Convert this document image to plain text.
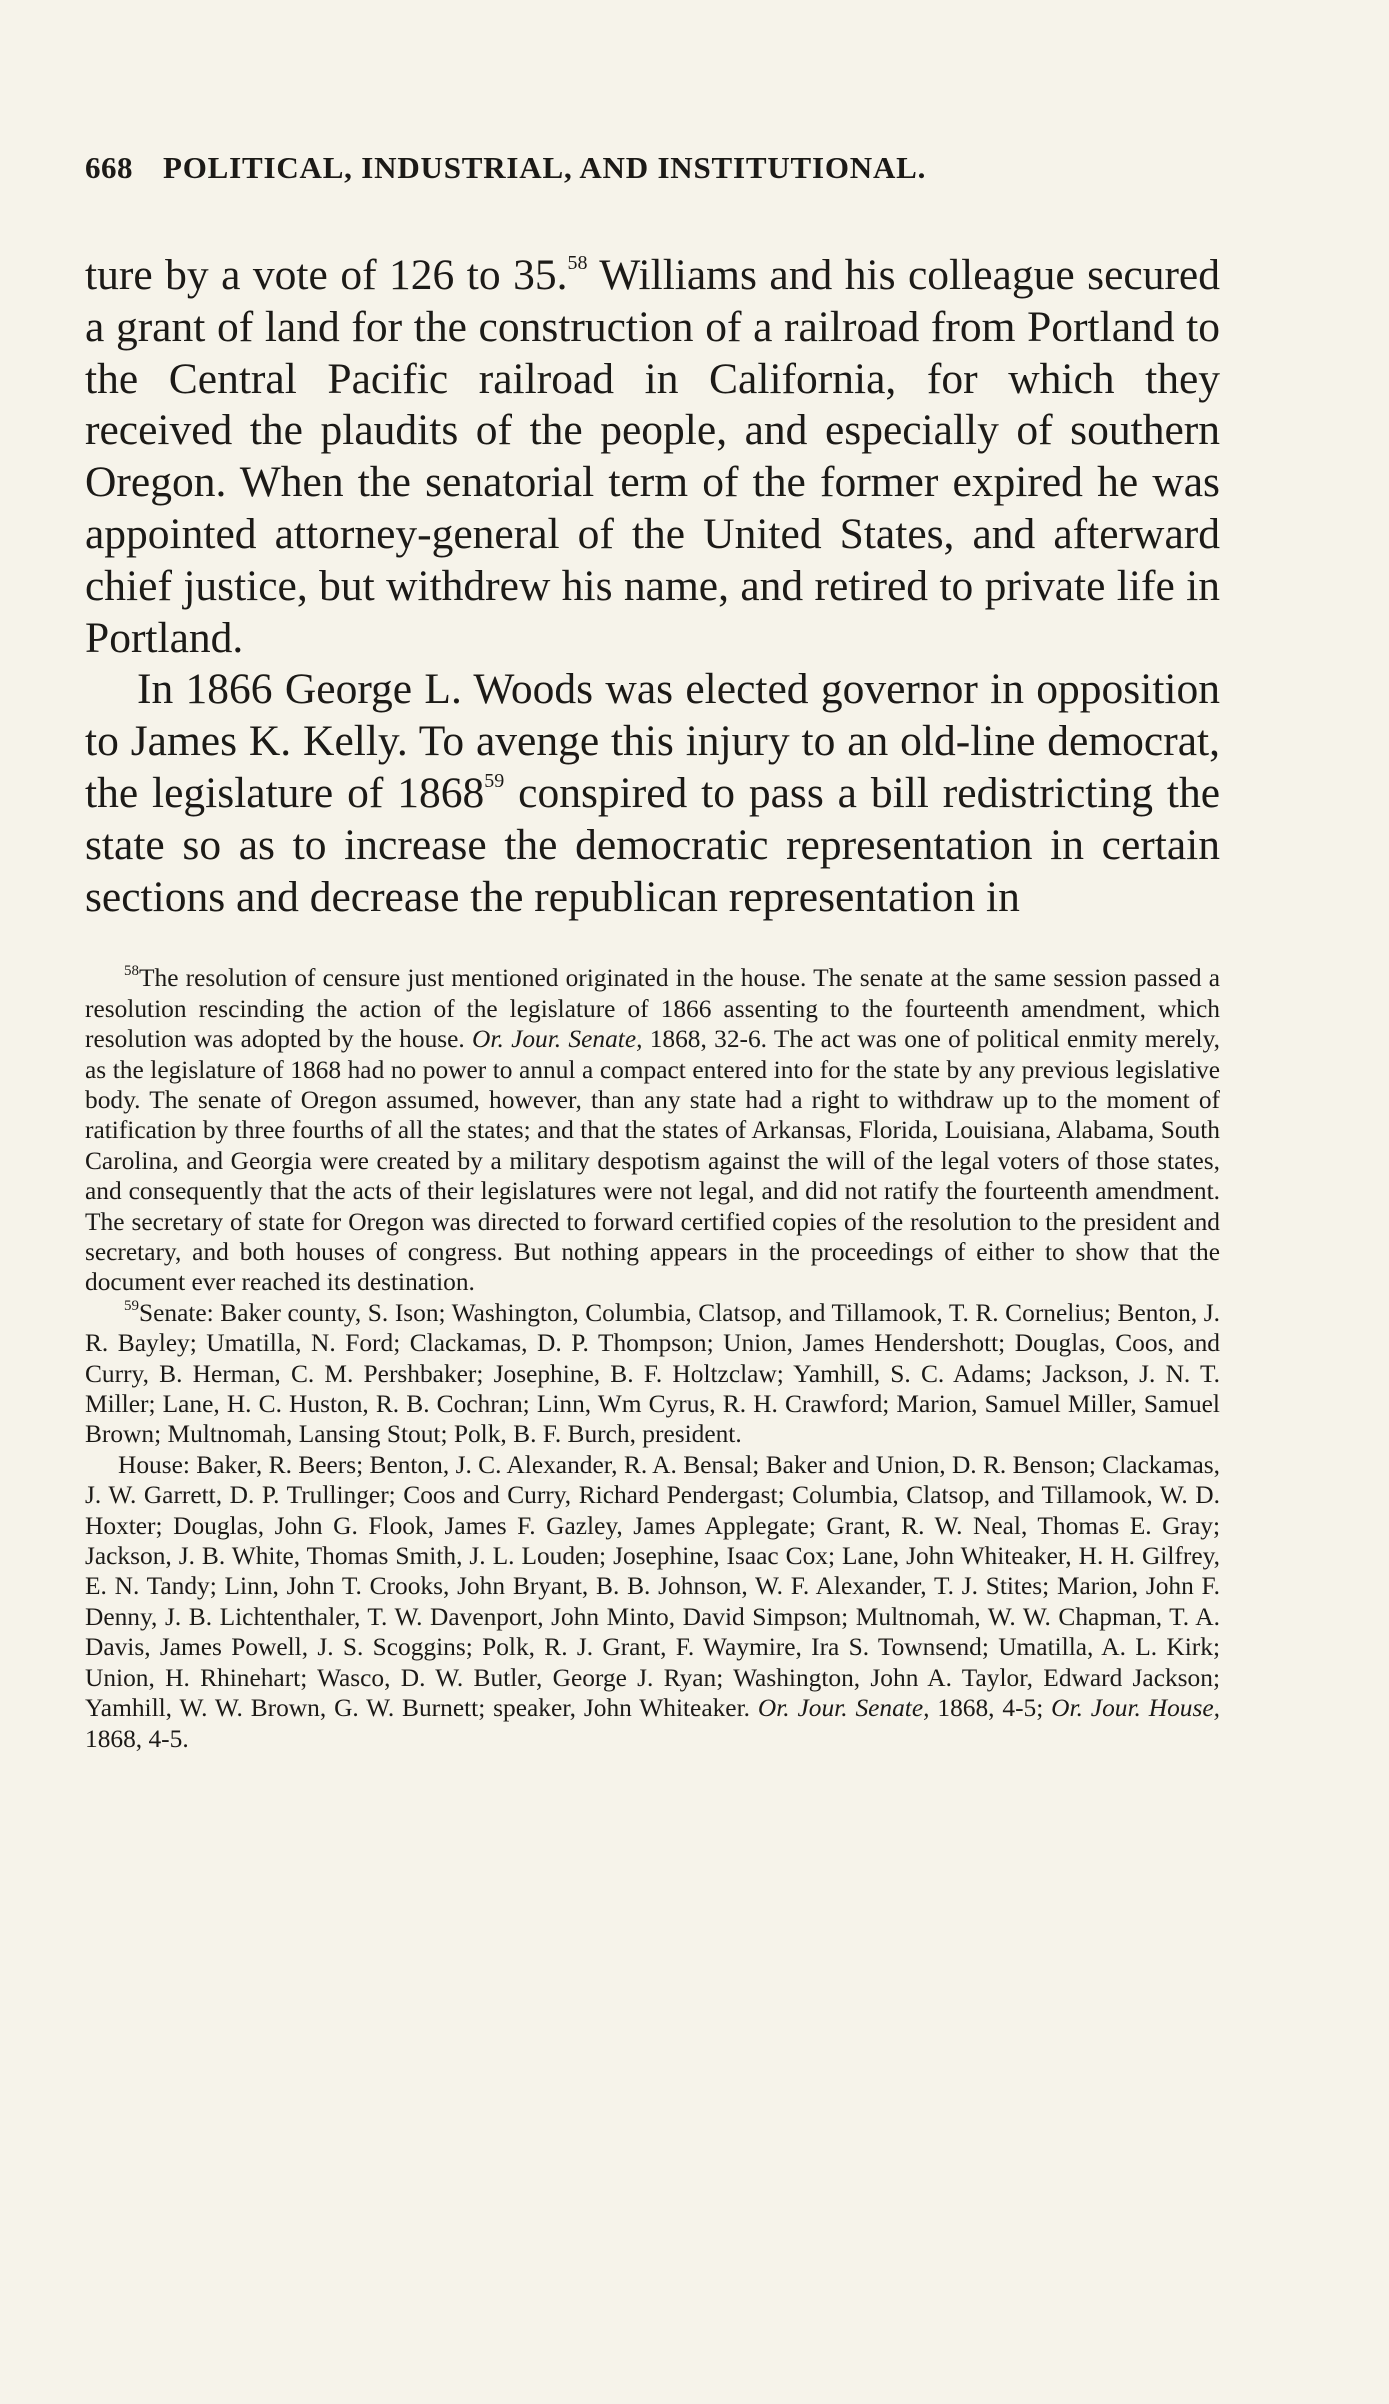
668 POLITICAL, INDUSTRIAL, AND INSTITUTIONAL.

ture by a vote of 126 to 35.58 Williams and his colleague secured a grant of land for the construction of a railroad from Portland to the Central Pacific railroad in California, for which they received the plaudits of the people, and especially of southern Oregon. When the senatorial term of the former expired he was appointed attorney-general of the United States, and afterward chief justice, but withdrew his name, and retired to private life in Portland.

In 1866 George L. Woods was elected governor in opposition to James K. Kelly. To avenge this injury to an old-line democrat, the legislature of 1868$^{59}$ conspired to pass a bill redistricting the state so as to increase the democratic representation in certain sections and decrease the republican representation in

$^{58}$The resolution of censure just mentioned originated in the house. The senate at the same session passed a resolution rescinding the action of the legislature of 1866 assenting to the fourteenth amendment, which resolution was adopted by the house. Or. Jour. Senate, 1868, 32-6. The act was one of political enmity merely, as the legislature of 1868 had no power to annul a compact entered into for the state by any previous legislative body. The senate of Oregon assumed, however, than any state had a right to withdraw up to the moment of ratification by three fourths of all the states; and that the states of Arkansas, Florida, Louisiana, Alabama, South Carolina, and Georgia were created by a military despotism against the will of the legal voters of those states, and consequently that the acts of their legislatures were not legal, and did not ratify the fourteenth amendment. The secretary of state for Oregon was directed to forward certified copies of the resolution to the president and secretary, and both houses of congress. But nothing appears in the proceedings of either to show that the document ever reached its destination.

$^{59}$Senate: Baker county, S. Ison; Washington, Columbia, Clatsop, and Tillamook, T. R. Cornelius; Benton, J. R. Bayley; Umatilla, N. Ford; Clackamas, D. P. Thompson; Union, James Hendershott; Douglas, Coos, and Curry, B. Herman, C. M. Pershbaker; Josephine, B. F. Holtzclaw; Yamhill, S. C. Adams; Jackson, J. N. T. Miller; Lane, H. C. Huston, R. B. Cochran; Linn, Wm Cyrus, R. H. Crawford; Marion, Samuel Miller, Samuel Brown; Multnomah, Lansing Stout; Polk, B. F. Burch, president.

House: Baker, R. Beers; Benton, J. C. Alexander, R. A. Bensal; Baker and Union, D. R. Benson; Clackamas, J. W. Garrett, D. P. Trullinger; Coos and Curry, Richard Pendergast; Columbia, Clatsop, and Tillamook, W. D. Hoxter; Douglas, John G. Flook, James F. Gazley, James Applegate; Grant, R. W. Neal, Thomas E. Gray; Jackson, J. B. White, Thomas Smith, J. L. Louden; Josephine, Isaac Cox; Lane, John Whiteaker, H. H. Gilfrey, E. N. Tandy; Linn, John T. Crooks, John Bryant, B. B. Johnson, W. F. Alexander, T. J. Stites; Marion, John F. Denny, J. B. Lichtenthaler, T. W. Davenport, John Minto, David Simpson; Multnomah, W. W. Chapman, T. A. Davis, James Powell, J. S. Scoggins; Polk, R. J. Grant, F. Waymire, Ira S. Townsend; Umatilla, A. L. Kirk; Union, H. Rhinehart; Wasco, D. W. Butler, George J. Ryan; Washington, John A. Taylor, Edward Jackson; Yamhill, W. W. Brown, G. W. Burnett; speaker, John Whiteaker. Or. Jour. Senate, 1868, 4-5; Or. Jour. House, 1868, 4-5.
